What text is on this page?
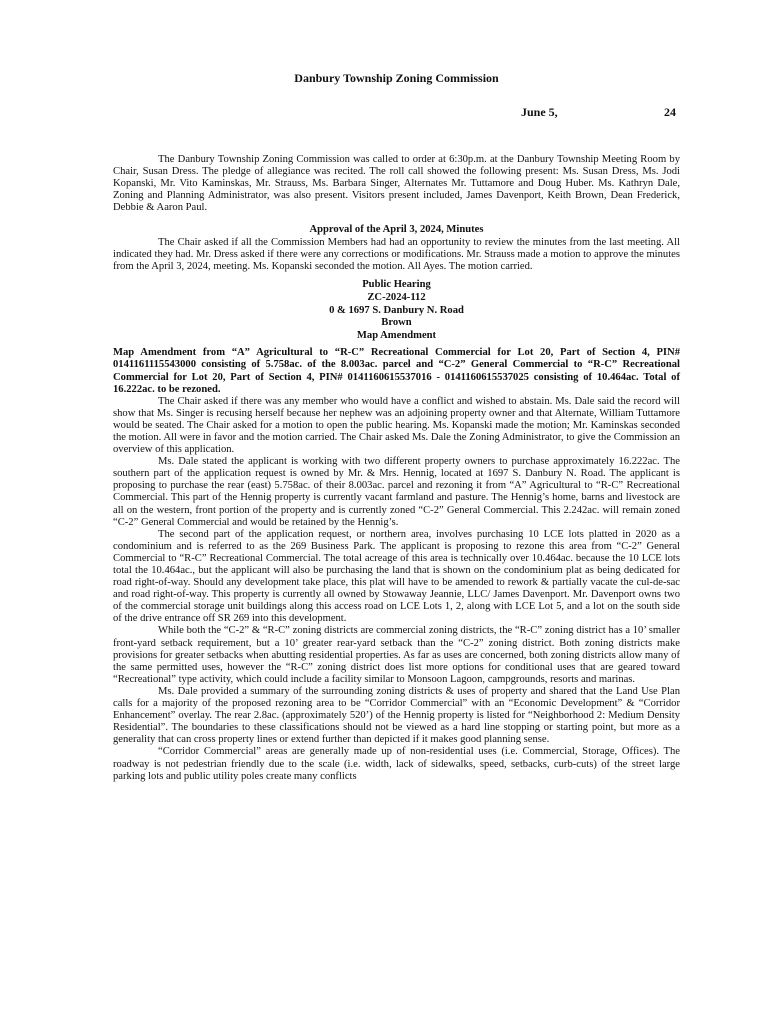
Danbury Township Zoning Commission
June 5,	24

The Danbury Township Zoning Commission was called to order at 6:30p.m. at the Danbury Township Meeting Room by Chair, Susan Dress. The pledge of allegiance was recited. The roll call showed the following present: Ms. Susan Dress, Ms. Jodi Kopanski, Mr. Vito Kaminskas, Mr. Strauss, Ms. Barbara Singer, Alternates Mr. Tuttamore and Doug Huber. Ms. Kathryn Dale, Zoning and Planning Administrator, was also present. Visitors present included, James Davenport, Keith Brown, Dean Frederick, Debbie & Aaron Paul.

Approval of the April 3, 2024, Minutes

The Chair asked if all the Commission Members had had an opportunity to review the minutes from the last meeting. All indicated they had. Mr. Dress asked if there were any corrections or modifications. Mr. Strauss made a motion to approve the minutes from the April 3, 2024, meeting. Ms. Kopanski seconded the motion. All Ayes. The motion carried.

Public Hearing
ZC-2024-112
0 & 1697 S. Danbury N. Road
Brown
Map Amendment

Map Amendment from “A” Agricultural to “R-C” Recreational Commercial for Lot 20, Part of Section 4, PIN# 0141161115543000 consisting of 5.758ac. of the 8.003ac. parcel and “C-2” General Commercial to “R-C” Recreational Commercial for Lot 20, Part of Section 4, PIN# 0141160615537016 - 0141160615537025 consisting of 10.464ac. Total of 16.222ac. to be rezoned.

The Chair asked if there was any member who would have a conflict and wished to abstain. Ms. Dale said the record will show that Ms. Singer is recusing herself because her nephew was an adjoining property owner and that Alternate, William Tuttamore would be seated. The Chair asked for a motion to open the public hearing. Ms. Kopanski made the motion; Mr. Kaminskas seconded the motion. All were in favor and the motion carried. The Chair asked Ms. Dale the Zoning Administrator, to give the Commission an overview of this application.

Ms. Dale stated the applicant is working with two different property owners to purchase approximately 16.222ac. The southern part of the application request is owned by Mr. & Mrs. Hennig, located at 1697 S. Danbury N. Road. The applicant is proposing to purchase the rear (east) 5.758ac. of their 8.003ac. parcel and rezoning it from “A” Agricultural to “R-C” Recreational Commercial. This part of the Hennig property is currently vacant farmland and pasture. The Hennig’s home, barns and livestock are all on the western, front portion of the property and is currently zoned “C-2” General Commercial. This 2.242ac. will remain zoned “C-2” General Commercial and would be retained by the Hennig’s.

The second part of the application request, or northern area, involves purchasing 10 LCE lots platted in 2020 as a condominium and is referred to as the 269 Business Park. The applicant is proposing to rezone this area from “C-2” General Commercial to “R-C” Recreational Commercial. The total acreage of this area is technically over 10.464ac. because the 10 LCE lots total the 10.464ac., but the applicant will also be purchasing the land that is shown on the condominium plat as being dedicated for road right-of-way. Should any development take place, this plat will have to be amended to rework & partially vacate the cul-de-sac and road right-of-way. This property is currently all owned by Stowaway Jeannie, LLC/ James Davenport. Mr. Davenport owns two of the commercial storage unit buildings along this access road on LCE Lots 1, 2, along with LCE Lot 5, and a lot on the south side of the drive entrance off SR 269 into this development.

While both the “C-2” & “R-C” zoning districts are commercial zoning districts, the “R-C” zoning district has a 10’ smaller front-yard setback requirement, but a 10’ greater rear-yard setback than the “C-2” zoning district. Both zoning districts make provisions for greater setbacks when abutting residential properties. As far as uses are concerned, both zoning districts allow many of the same permitted uses, however the “R-C” zoning district does list more options for conditional uses that are geared toward “Recreational” type activity, which could include a facility similar to Monsoon Lagoon, campgrounds, resorts and marinas.

Ms. Dale provided a summary of the surrounding zoning districts & uses of property and shared that the Land Use Plan calls for a majority of the proposed rezoning area to be “Corridor Commercial” with an “Economic Development” & “Corridor Enhancement” overlay. The rear 2.8ac. (approximately 520’) of the Hennig property is listed for “Neighborhood 2: Medium Density Residential”. The boundaries to these classifications should not be viewed as a hard line stopping or starting point, but more as a generality that can cross property lines or extend further than depicted if it makes good planning sense.

“Corridor Commercial” areas are generally made up of non-residential uses (i.e. Commercial, Storage, Offices). The roadway is not pedestrian friendly due to the scale (i.e. width, lack of sidewalks, speed, setbacks, curb-cuts) of the street large parking lots and public utility poles create many conflicts
